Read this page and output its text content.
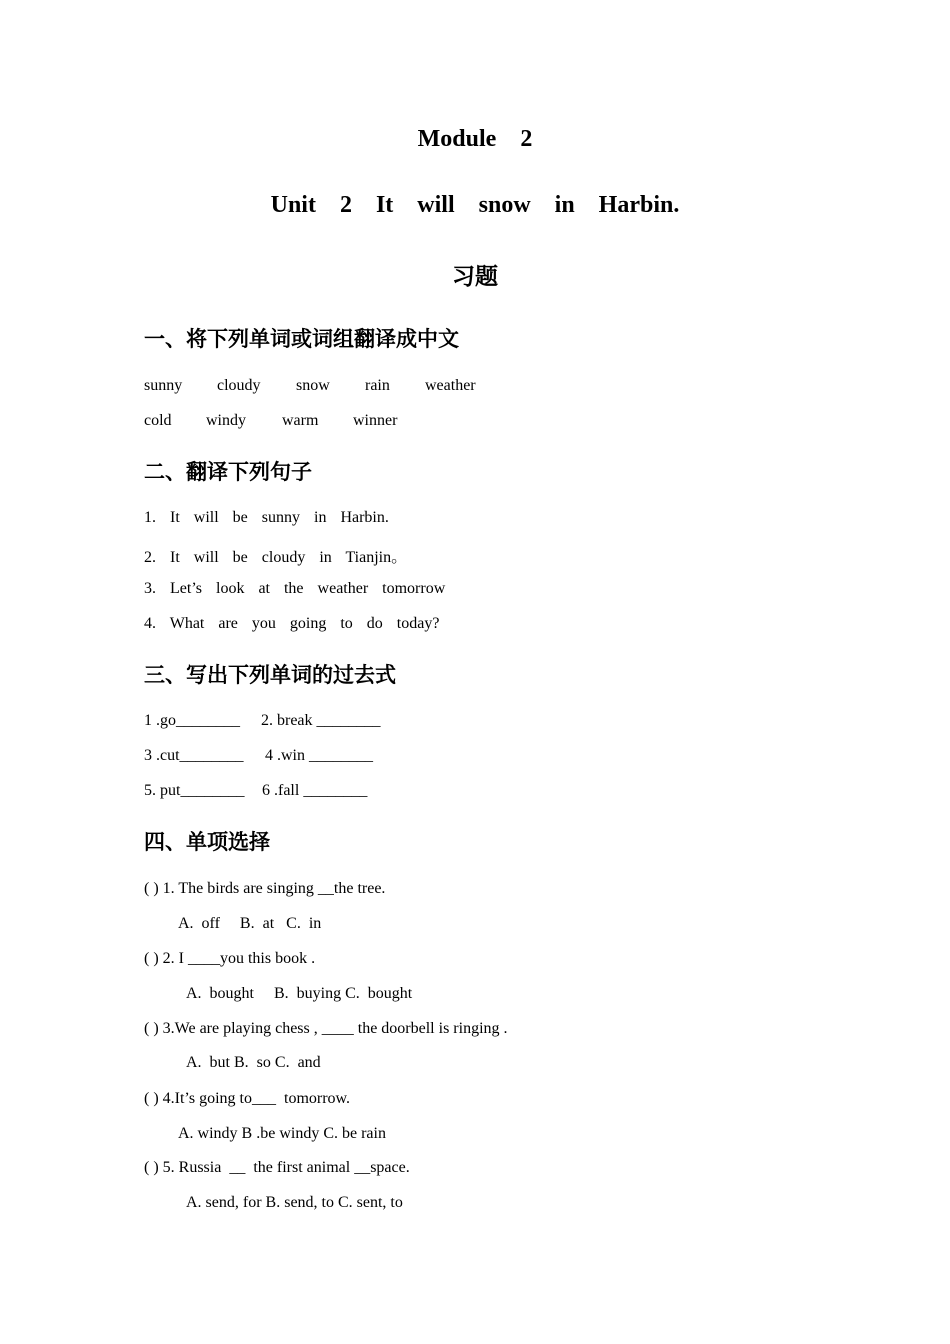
Module  2
Unit  2  It  will  snow  in  Harbin.
习题
一、将下列单词或词组翻译成中文
sunny cloudy snow rain weather
cold windy warm winner
二、翻译下列句子
1.  It  will  be  sunny  in  Harbin.
2.  It  will  be  cloudy  in  Tianjin。
3.  Let’s  look  at  the  weather  tomorrow
4.  What  are  you  going  to  do  today?
三、写出下列单词的过去式
1 .go________ 2. break ________
3 .cut________ 4 .win ________
5. put________ 6 .fall ________
四、单项选择
( ) 1. The birds are singing __the tree.
A.  off     B.  at   C.  in
( ) 2. I ____you this book .
A.  bought     B.  buying C.  bought
( ) 3.We are playing chess , ____ the doorbell is ringing .
A.  but B.  so C.  and
( ) 4.It’s going to___  tomorrow.
A. windy B .be windy C. be rain
( ) 5. Russia  __  the first animal __space.
A. send, for B. send, to C. sent, to
